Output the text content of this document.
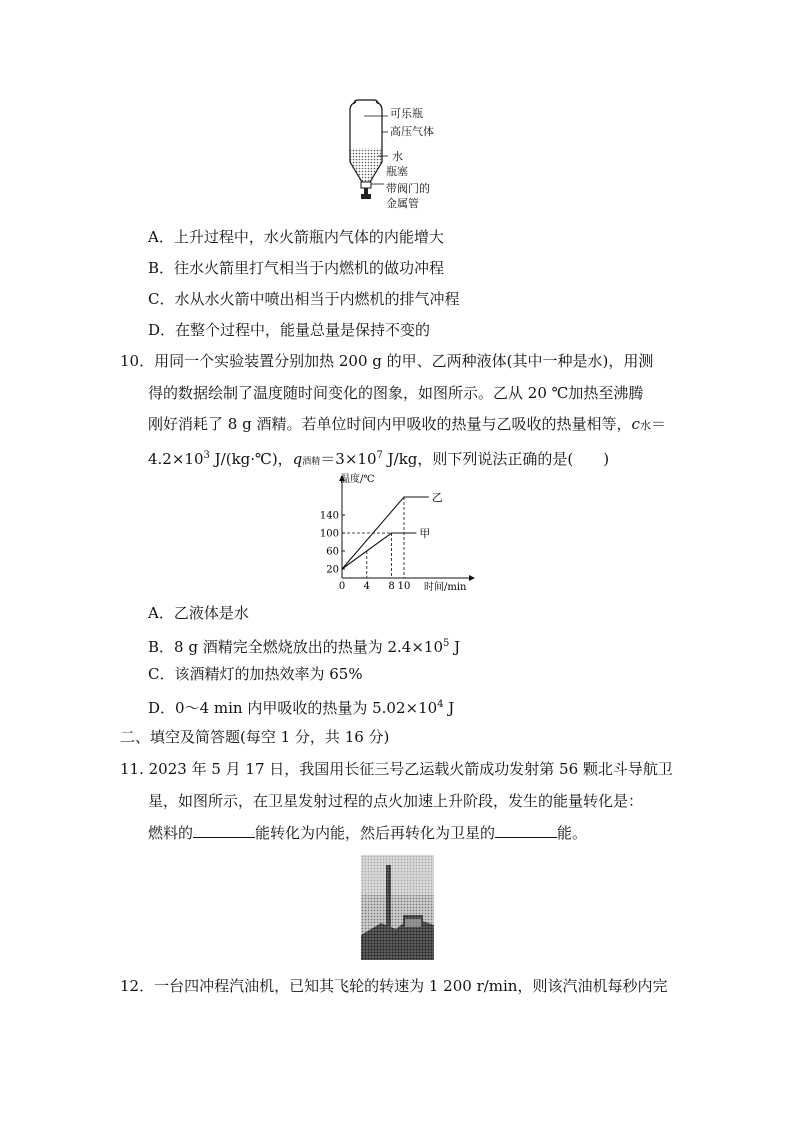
可乐瓶
高压气体
水
瓶塞
带阀门的
金属管
A．上升过程中，水火箭瓶内气体的内能增大
B．往水火箭里打气相当于内燃机的做功冲程
C．水从水火箭中喷出相当于内燃机的排气冲程
D．在整个过程中，能量总量是保持不变的
10．用同一个实验装置分别加热 200 g 的甲、乙两种液体(其中一种是水)，用测
得的数据绘制了温度随时间变化的图象，如图所示。乙从 20 ℃加热至沸腾
刚好消耗了 8 g 酒精。若单位时间内甲吸收的热量与乙吸收的热量相等，c水＝
$4.2\times 10^3$ J/(kg·℃)，q酒精$=3\times 10^7$ J/kg，则下列说法正确的是(　　)
温度/℃
时间/min
甲
乙
20
60
100
140
0 4 8 10
A．乙液体是水
B．8 g 酒精完全燃烧放出的热量为 $2.4\times 10^5$ J
C．该酒精灯的加热效率为 65%
D．0～4 min 内甲吸收的热量为 $5.02\times 10^4$ J
二、填空及简答题(每空 1 分，共 16 分)
11. 2023 年 5 月 17 日，我国用长征三号乙运载火箭成功发射第 56 颗北斗导航卫
星，如图所示，在卫星发射过程的点火加速上升阶段，发生的能量转化是：
燃料的	能转化为内能，然后再转化为卫星的	能。
12．一台四冲程汽油机，已知其飞轮的转速为 1 200 r/min，则该汽油机每秒内完
